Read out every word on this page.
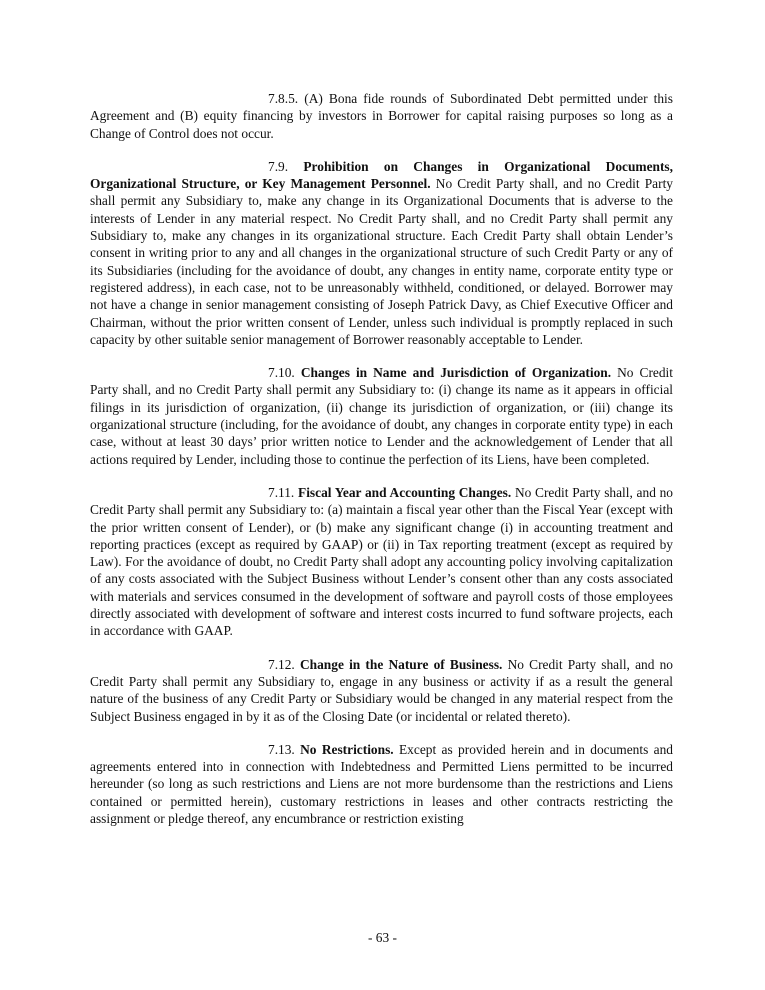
7.8.5. (A) Bona fide rounds of Subordinated Debt permitted under this Agreement and (B) equity financing by investors in Borrower for capital raising purposes so long as a Change of Control does not occur.

7.9. Prohibition on Changes in Organizational Documents, Organizational Structure, or Key Management Personnel. No Credit Party shall, and no Credit Party shall permit any Subsidiary to, make any change in its Organizational Documents that is adverse to the interests of Lender in any material respect. No Credit Party shall, and no Credit Party shall permit any Subsidiary to, make any changes in its organizational structure. Each Credit Party shall obtain Lender’s consent in writing prior to any and all changes in the organizational structure of such Credit Party or any of its Subsidiaries (including for the avoidance of doubt, any changes in entity name, corporate entity type or registered address), in each case, not to be unreasonably withheld, conditioned, or delayed. Borrower may not have a change in senior management consisting of Joseph Patrick Davy, as Chief Executive Officer and Chairman, without the prior written consent of Lender, unless such individual is promptly replaced in such capacity by other suitable senior management of Borrower reasonably acceptable to Lender.

7.10. Changes in Name and Jurisdiction of Organization. No Credit Party shall, and no Credit Party shall permit any Subsidiary to: (i) change its name as it appears in official filings in its jurisdiction of organization, (ii) change its jurisdiction of organization, or (iii) change its organizational structure (including, for the avoidance of doubt, any changes in corporate entity type) in each case, without at least 30 days’ prior written notice to Lender and the acknowledgement of Lender that all actions required by Lender, including those to continue the perfection of its Liens, have been completed.

7.11. Fiscal Year and Accounting Changes. No Credit Party shall, and no Credit Party shall permit any Subsidiary to: (a) maintain a fiscal year other than the Fiscal Year (except with the prior written consent of Lender), or (b) make any significant change (i) in accounting treatment and reporting practices (except as required by GAAP) or (ii) in Tax reporting treatment (except as required by Law). For the avoidance of doubt, no Credit Party shall adopt any accounting policy involving capitalization of any costs associated with the Subject Business without Lender’s consent other than any costs associated with materials and services consumed in the development of software and payroll costs of those employees directly associated with development of software and interest costs incurred to fund software projects, each in accordance with GAAP.

7.12. Change in the Nature of Business. No Credit Party shall, and no Credit Party shall permit any Subsidiary to, engage in any business or activity if as a result the general nature of the business of any Credit Party or Subsidiary would be changed in any material respect from the Subject Business engaged in by it as of the Closing Date (or incidental or related thereto).

7.13. No Restrictions. Except as provided herein and in documents and agreements entered into in connection with Indebtedness and Permitted Liens permitted to be incurred hereunder (so long as such restrictions and Liens are not more burdensome than the restrictions and Liens contained or permitted herein), customary restrictions in leases and other contracts restricting the assignment or pledge thereof, any encumbrance or restriction existing

- 63 -
